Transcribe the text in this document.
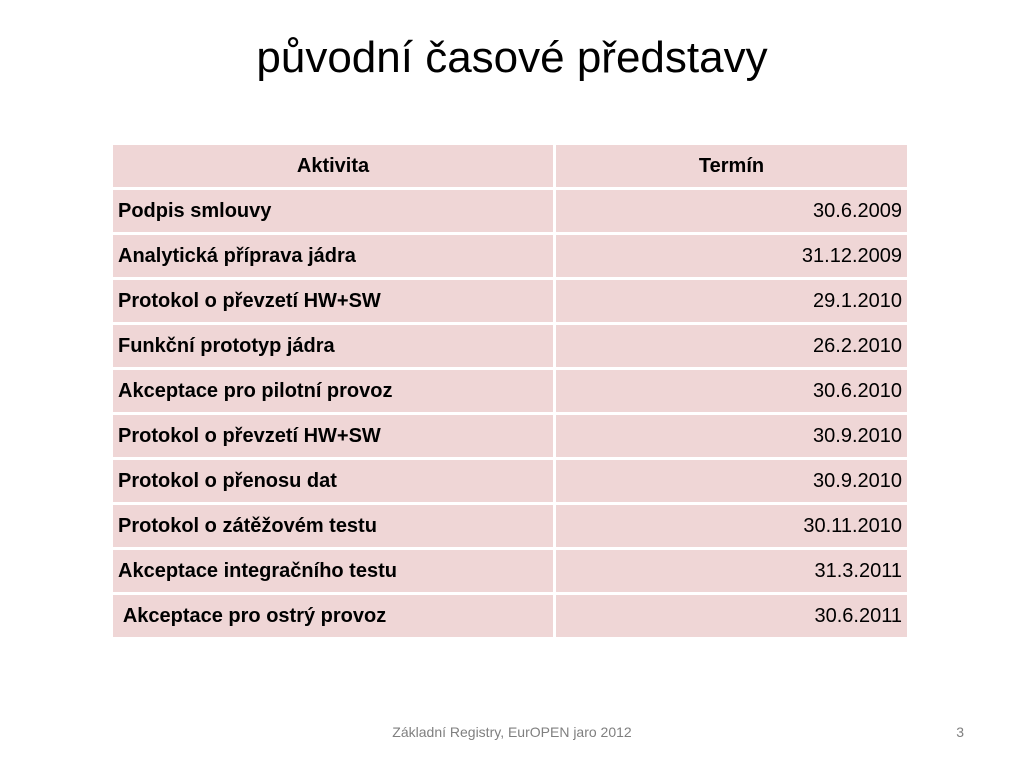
původní časové představy
Aktivita	Termín
Podpis smlouvy	30.6.2009
Analytická příprava jádra	31.12.2009
Protokol o převzetí HW+SW	29.1.2010
Funkční prototyp jádra	26.2.2010
Akceptace pro pilotní provoz	30.6.2010
Protokol o převzetí HW+SW	30.9.2010
Protokol o přenosu dat	30.9.2010
Protokol o zátěžovém testu	30.11.2010
Akceptace integračního testu	31.3.2011
Akceptace pro ostrý provoz	30.6.2011
Základní Registry, EurOPEN jaro 2012	3
